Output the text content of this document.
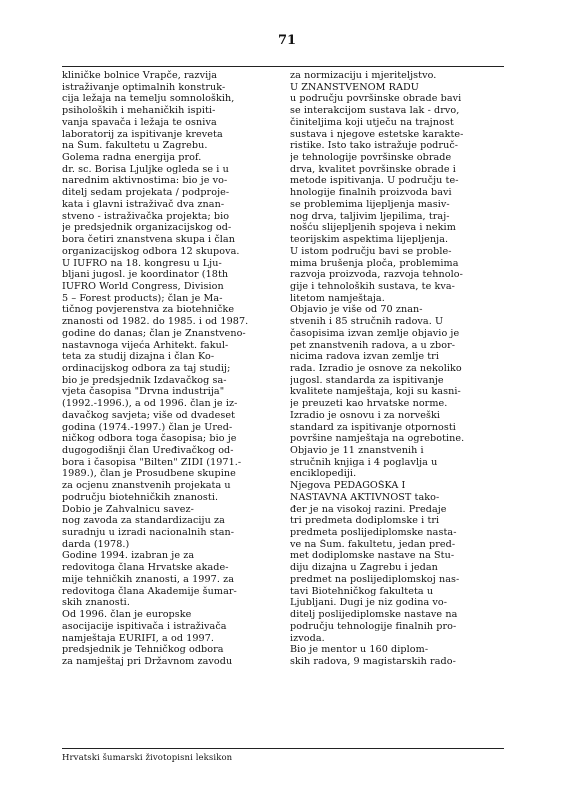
71
kliničke bolnice Vrapče, razvija
istraživanje optimalnih konstruk-
cija ležaja na temelju somnoloških,
psiholoških i mehaničkih ispiti-
vanja spavača i ležaja te osniva
laboratorij za ispitivanje kreveta
na Šum. fakultetu u Zagrebu.
Golema radna energija prof.
dr. sc. Borisa Ljuljke ogleda se i u
narednim aktivnostima: bio je vo-
ditelj sedam projekata / podproje-
kata i glavni istraživač dva znan-
stveno - istraživačka projekta; bio
je predsjednik organizacijskog od-
bora četiri znanstvena skupa i član
organizacijskog odbora 12 skupova.
U IUFRO na 18. kongresu u Lju-
bljani jugosl. je koordinator (18th
IUFRO World Congress, Division
5 – Forest products); član je Ma-
tičnog povjerenstva za biotehničke
znanosti od 1982. do 1985. i od 1987.
godine do danas; član je Znanstveno-
nastavnoga vijeća Arhitekt. fakul-
teta za studij dizajna i član Ko-
ordinacijskog odbora za taj studij;
bio je predsjednik Izdavačkog sa-
vjeta časopisa "Drvna industrija"
(1992.-1996.), a od 1996. član je iz-
davačkog savjeta; više od dvadeset
godina (1974.-1997.) član je Ured-
ničkog odbora toga časopisa; bio je
dugogodišnji član Uređivačkog od-
bora i časopisa "Bilten" ZIDI (1971.-
1989.), član je Prosudbene skupine
za ocjenu znanstvenih projekata u
području biotehničkih znanosti.
Dobio je Zahvalnicu savez-
nog zavoda za standardizaciju za
suradnju u izradi nacionalnih stan-
darda (1978.)
Godine 1994. izabran je za
redovitoga člana Hrvatske akade-
mije tehničkih znanosti, a 1997. za
redovitoga člana Akademije šumar-
skih znanosti.
Od 1996. član je europske
asocijacije ispitivača i istraživača
namještaja EURIFI, a od 1997.
predsjednik je Tehničkog odbora
za namještaj pri Državnom zavodu
za normizaciju i mjeriteljstvo.
U ZNANSTVENOM RADU
u području površinske obrade bavi
se interakcijom sustava lak - drvo,
činiteljima koji utječu na trajnost
sustava i njegove estetske karakte-
ristike. Isto tako istražuje područ-
je tehnologije površinske obrade
drva, kvalitet površinske obrade i
metode ispitivanja. U području te-
hnologije finalnih proizvoda bavi
se problemima lijepljenja masiv-
nog drva, taljivim ljepilima, traj-
nošću slijepljenih spojeva i nekim
teorijskim aspektima lijepljenja.
U istom području bavi se proble-
mima brušenja ploča, problemima
razvoja proizvoda, razvoja tehnolo-
gije i tehnoloških sustava, te kva-
litetom namještaja.
Objavio je više od 70 znan-
stvenih i 85 stručnih radova. U
časopisima izvan zemlje objavio je
pet znanstvenih radova, a u zbor-
nicima radova izvan zemlje tri
rada. Izradio je osnove za nekoliko
jugosl. standarda za ispitivanje
kvalitete namještaja, koji su kasni-
je preuzeti kao hrvatske norme.
Izradio je osnovu i za norveški
standard za ispitivanje otpornosti
površine namještaja na ogrebotine.
Objavio je 11 znanstvenih i
stručnih knjiga i 4 poglavlja u
enciklopediji.
Njegova PEDAGOŠKA I
NASTAVNA AKTIVNOST tako-
đer je na visokoj razini. Predaje
tri predmeta dodiplomske i tri
predmeta poslijediplomske nasta-
ve na Šum. fakultetu, jedan pred-
met dodiplomske nastave na Stu-
diju dizajna u Zagrebu i jedan
predmet na poslijediplomskoj nas-
tavi Biotehničkog fakulteta u
Ljubljani. Dugi je niz godina vo-
ditelj poslijediplomske nastave na
području tehnologije finalnih pro-
izvoda.
Bio je mentor u 160 diplom-
skih radova, 9 magistarskih rado-
Hrvatski šumarski životopisni leksikon
